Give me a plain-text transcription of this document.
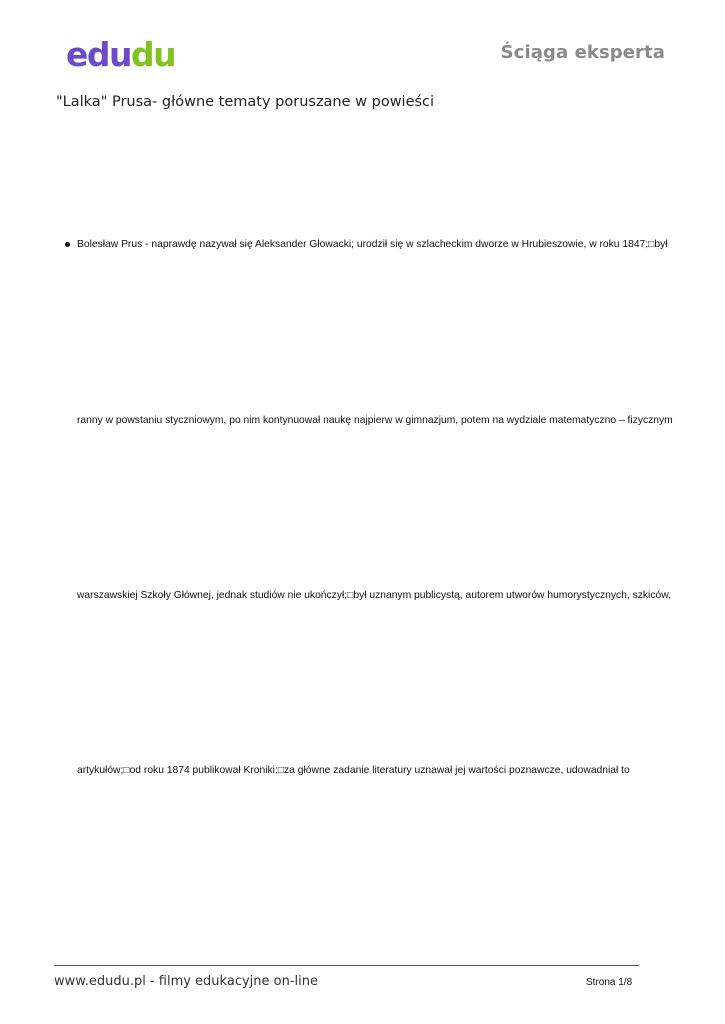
edudu	Ściąga eksperta
"Lalka" Prusa- główne tematy poruszane w powieści
Bolesław Prus - naprawdę nazywał się Aleksander Głowacki; urodził się w szlacheckim dworze w Hrubieszowie, w roku 1847;□był
ranny w powstaniu styczniowym, po nim kontynuował naukę najpierw w gimnazjum, potem na wydziale matematyczno – fizycznym
warszawskiej Szkoły Głównej, jednak studiów nie ukończył;□był uznanym publicystą, autorem utworów humorystycznych, szkiców,
artykułów;□od roku 1874 publikował Kroniki;□za główne zadanie literatury uznawał jej wartości poznawcze, udowadniał to
www.edudu.pl - filmy edukacyjne on-line	Strona 1/8
